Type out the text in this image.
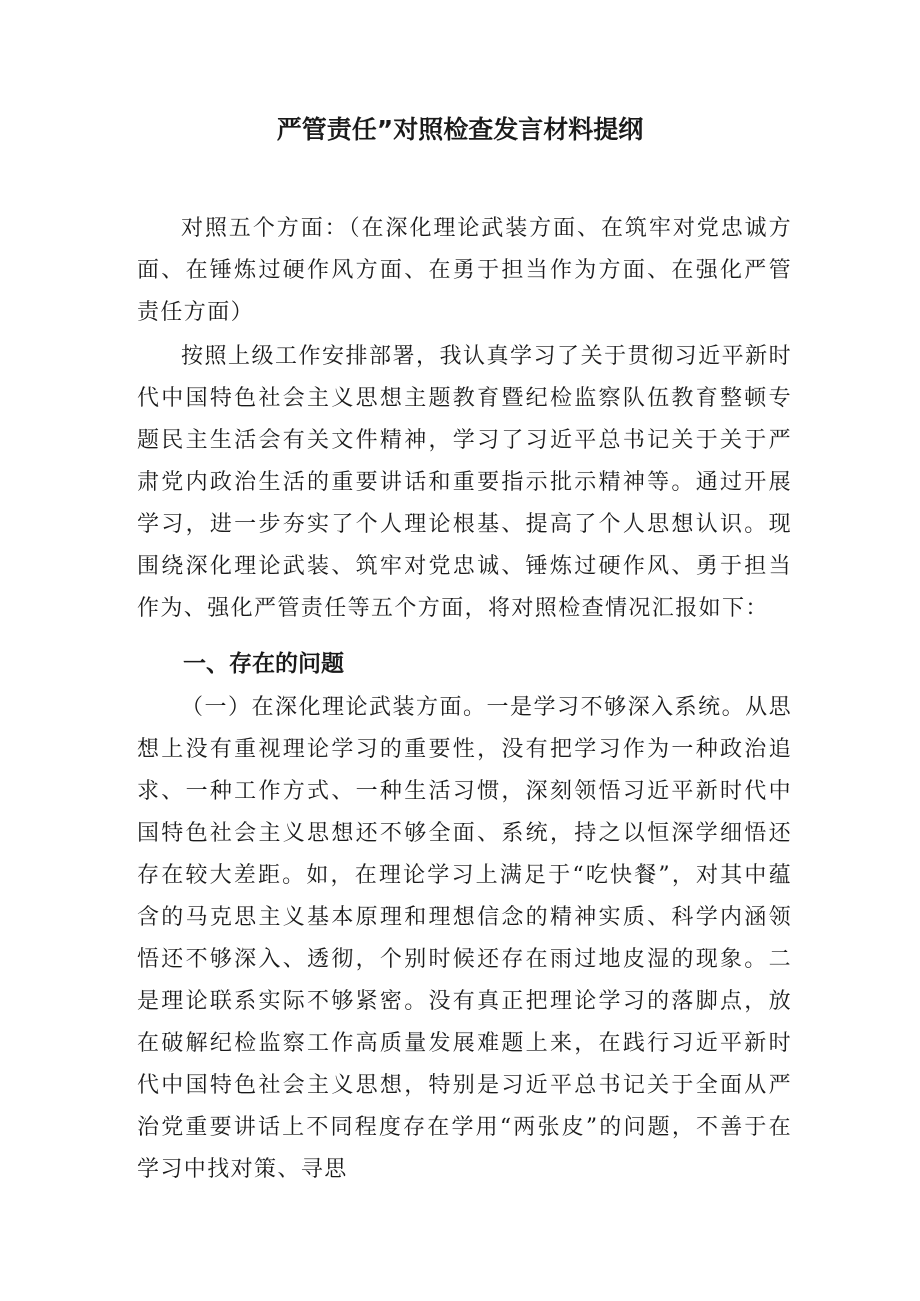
严管责任”对照检查发言材料提纲

对照五个方面：（在深化理论武装方面、在筑牢对党忠诚方面、在锤炼过硬作风方面、在勇于担当作为方面、在强化严管责任方面）

按照上级工作安排部署，我认真学习了关于贯彻习近平新时代中国特色社会主义思想主题教育暨纪检监察队伍教育整顿专题民主生活会有关文件精神，学习了习近平总书记关于关于严肃党内政治生活的重要讲话和重要指示批示精神等。通过开展学习，进一步夯实了个人理论根基、提高了个人思想认识。现围绕深化理论武装、筑牢对党忠诚、锤炼过硬作风、勇于担当作为、强化严管责任等五个方面，将对照检查情况汇报如下：

一、存在的问题

（一）在深化理论武装方面。一是学习不够深入系统。从思想上没有重视理论学习的重要性，没有把学习作为一种政治追求、一种工作方式、一种生活习惯，深刻领悟习近平新时代中国特色社会主义思想还不够全面、系统，持之以恒深学细悟还存在较大差距。如，在理论学习上满足于“吃快餐”，对其中蕴含的马克思主义基本原理和理想信念的精神实质、科学内涵领悟还不够深入、透彻，个别时候还存在雨过地皮湿的现象。二是理论联系实际不够紧密。没有真正把理论学习的落脚点，放在破解纪检监察工作高质量发展难题上来，在践行习近平新时代中国特色社会主义思想，特别是习近平总书记关于全面从严治党重要讲话上不同程度存在学用“两张皮”的问题，不善于在学习中找对策、寻思
